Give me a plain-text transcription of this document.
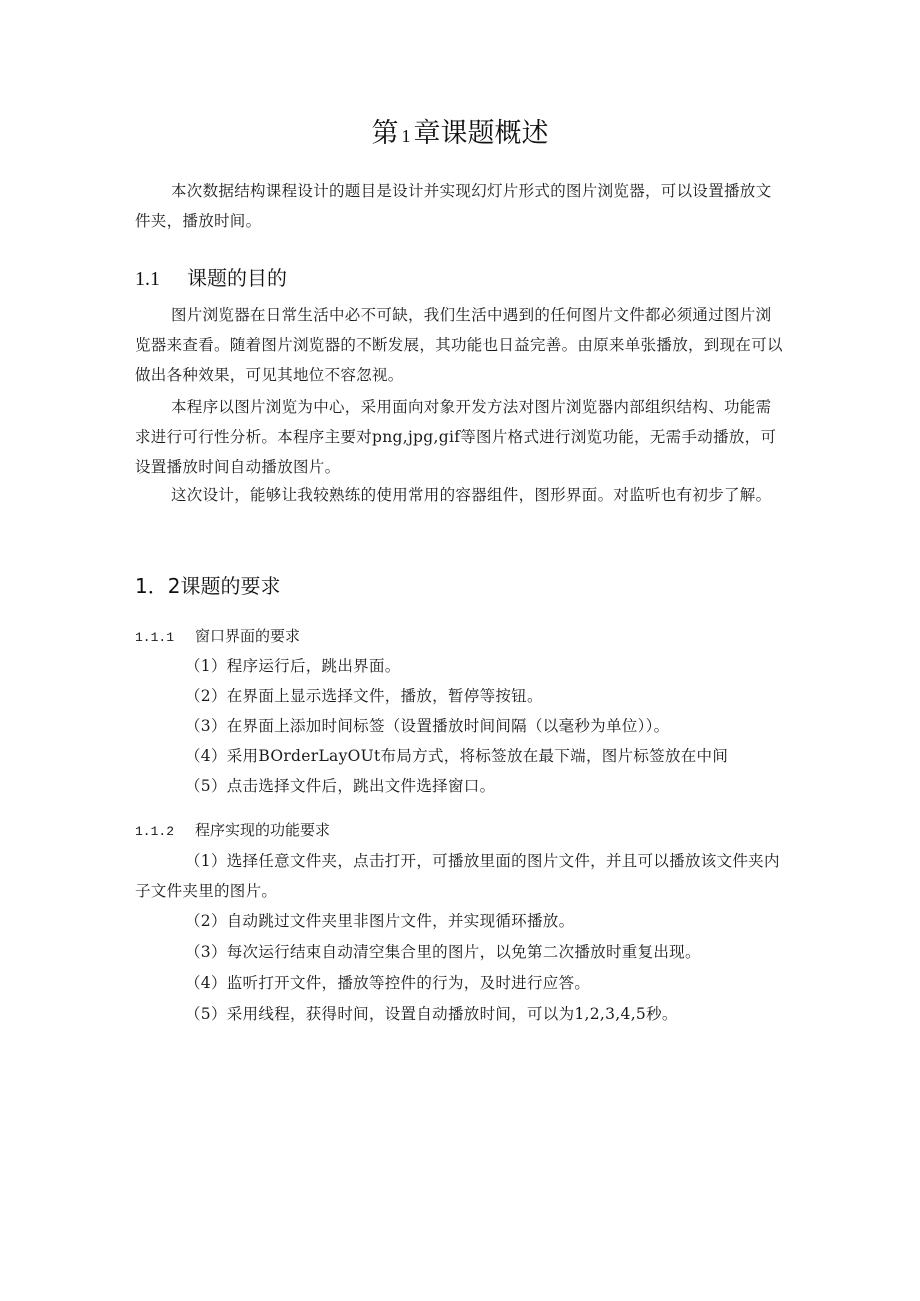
第 1 章课题概述

本次数据结构课程设计的题目是设计并实现幻灯片形式的图片浏览器，可以设置播放文件夹，播放时间。

1.1 课题的目的

图片浏览器在日常生活中必不可缺，我们生活中遇到的任何图片文件都必须通过图片浏览器来查看。随着图片浏览器的不断发展，其功能也日益完善。由原来单张播放，到现在可以做出各种效果，可见其地位不容忽视。

本程序以图片浏览为中心，采用面向对象开发方法对图片浏览器内部组织结构、功能需求进行可行性分析。本程序主要对png,jpg,gif等图片格式进行浏览功能，无需手动播放，可设置播放时间自动播放图片。

这次设计，能够让我较熟练的使用常用的容器组件，图形界面。对监听也有初步了解。

1．2课题的要求
1.1.1 窗口界面的要求
（1）程序运行后，跳出界面。
（2）在界面上显示选择文件，播放，暂停等按钮。
（3）在界面上添加时间标签（设置播放时间间隔（以毫秒为单位））。
（4）采用BOrderLayOUt布局方式，将标签放在最下端，图片标签放在中间
（5）点击选择文件后，跳出文件选择窗口。
1.1.2 程序实现的功能要求

（1）选择任意文件夹，点击打开，可播放里面的图片文件，并且可以播放该文件夹内子文件夹里的图片。

（2）自动跳过文件夹里非图片文件，并实现循环播放。
（3）每次运行结束自动清空集合里的图片，以免第二次播放时重复出现。
（4）监听打开文件，播放等控件的行为，及时进行应答。
（5）采用线程，获得时间，设置自动播放时间，可以为1,2,3,4,5秒。
